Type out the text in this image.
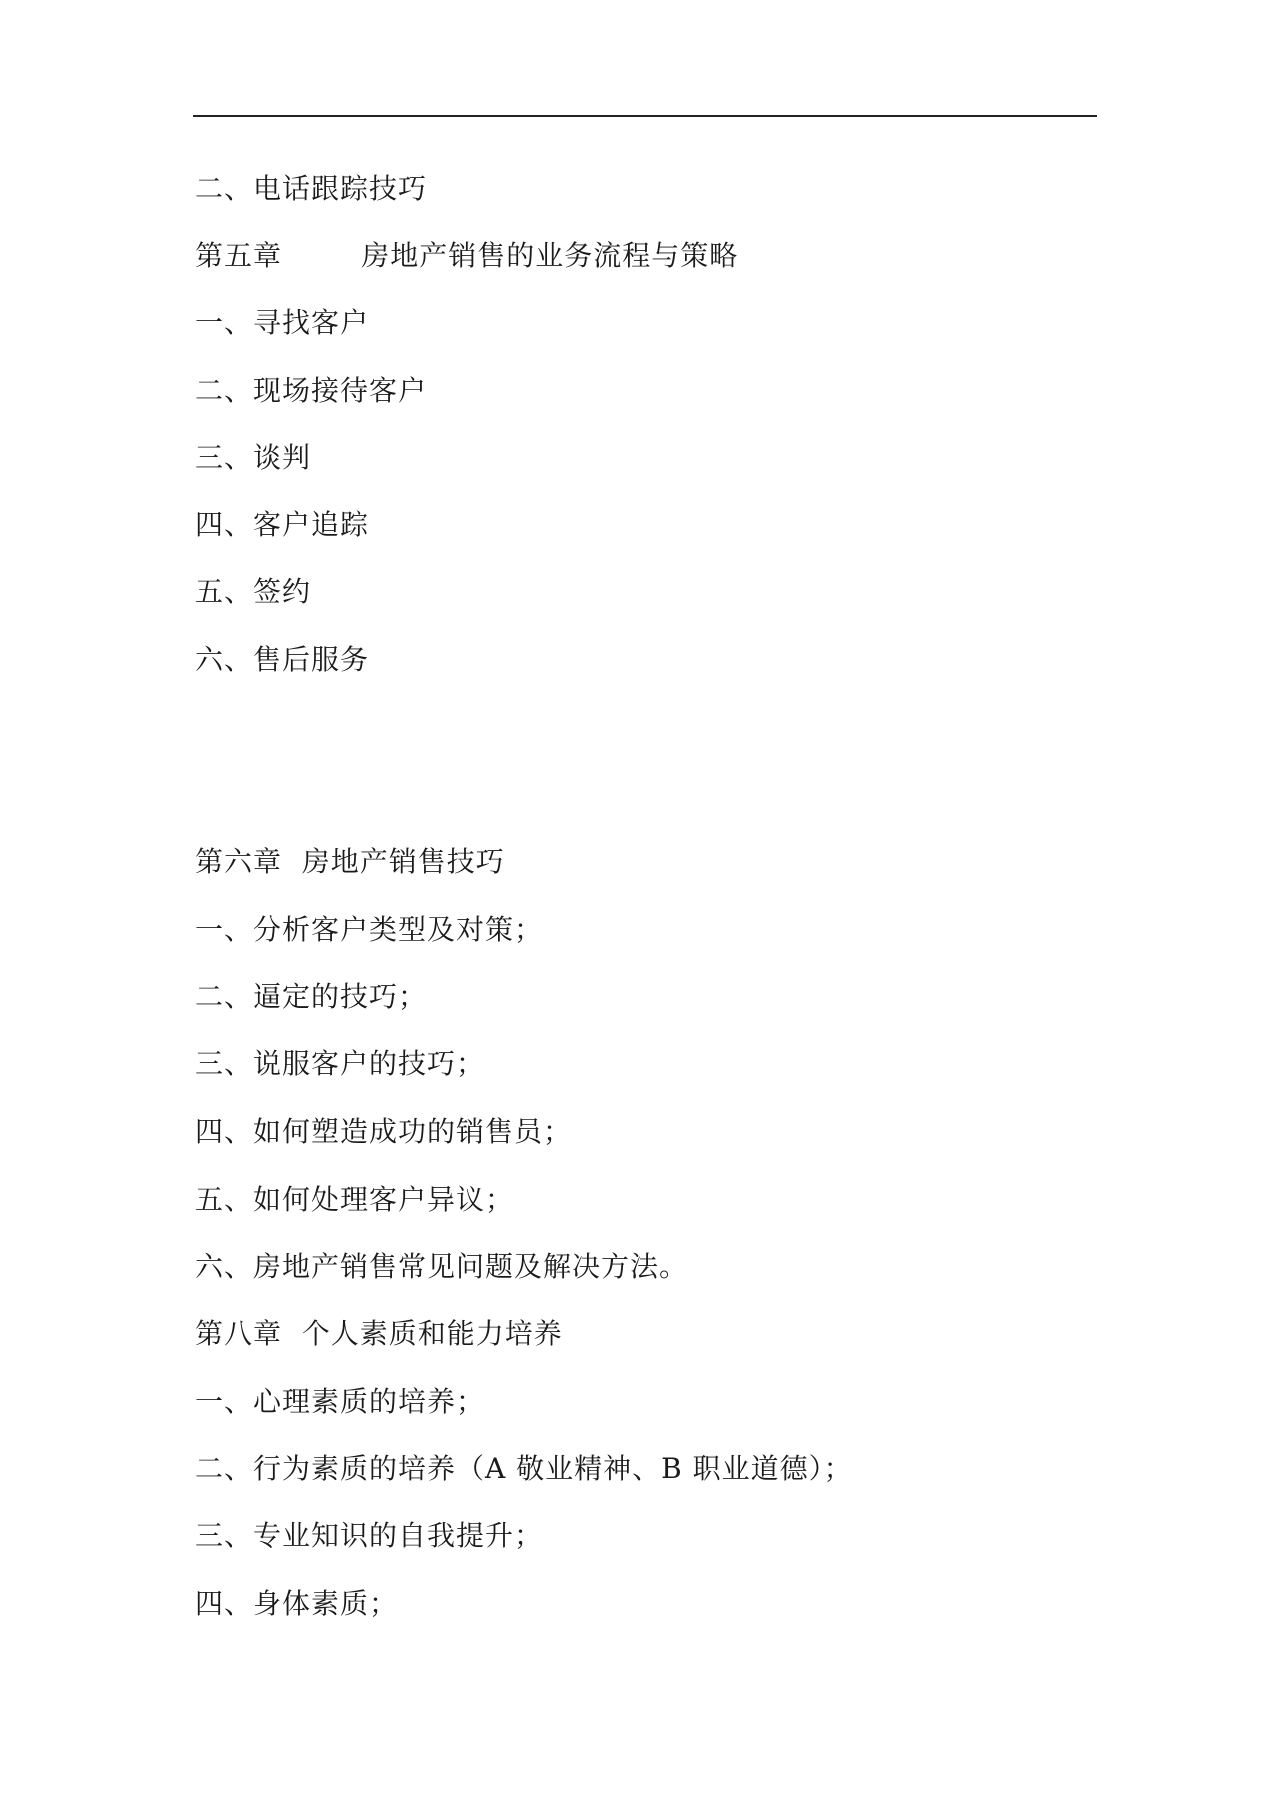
二、电话跟踪技巧
第五章        房地产销售的业务流程与策略
一、寻找客户
二、现场接待客户
三、谈判
四、客户追踪
五、签约
六、售后服务
第六章  房地产销售技巧
一、分析客户类型及对策；
二、逼定的技巧；
三、说服客户的技巧；
四、如何塑造成功的销售员；
五、如何处理客户异议；
六、房地产销售常见问题及解决方法。
第八章  个人素质和能力培养
一、心理素质的培养；
二、行为素质的培养（A 敬业精神、B 职业道德）；
三、专业知识的自我提升；
四、身体素质；
